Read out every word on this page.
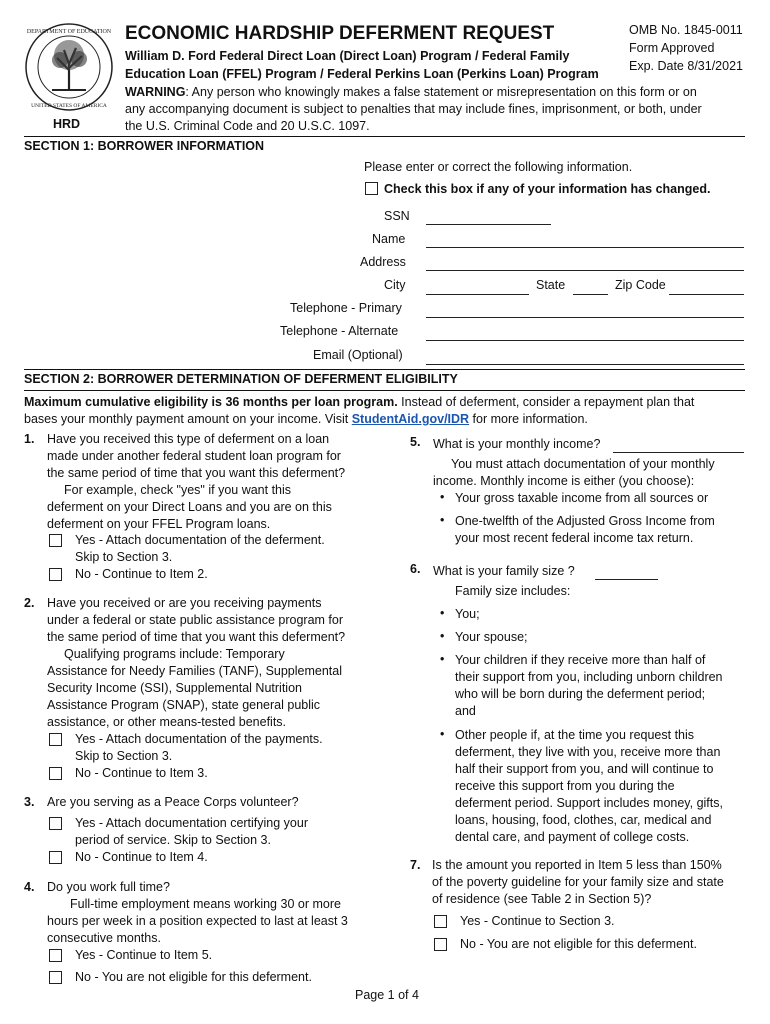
DEPARTMENT OF EDUCATION
UNITED STATES OF AMERICA
HRD
ECONOMIC HARDSHIP DEFERMENT REQUEST
William D. Ford Federal Direct Loan (Direct Loan) Program / Federal Family
Education Loan (FFEL) Program / Federal Perkins Loan (Perkins Loan) Program
OMB No. 1845-0011
Form Approved
Exp. Date 8/31/2021
WARNING: Any person who knowingly makes a false statement or misrepresentation on this form or on
any accompanying document is subject to penalties that may include fines, imprisonment, or both, under
the U.S. Criminal Code and 20 U.S.C. 1097.
SECTION 1: BORROWER INFORMATION
Please enter or correct the following information.
Check this box if any of your information has changed.
SSN
Name
Address
City	State	Zip Code
Telephone - Primary
Telephone - Alternate
Email (Optional)
SECTION 2: BORROWER DETERMINATION OF DEFERMENT ELIGIBILITY
Maximum cumulative eligibility is 36 months per loan program. Instead of deferment, consider a repayment plan that
bases your monthly payment amount on your income. Visit StudentAid.gov/IDR for more information.
1. Have you received this type of deferment on a loan
made under another federal student loan program for
the same period of time that you want this deferment?
For example, check "yes" if you want this
deferment on your Direct Loans and you are on this
deferment on your FFEL Program loans.
Yes - Attach documentation of the deferment.
Skip to Section 3.
No - Continue to Item 2.
2. Have you received or are you receiving payments
under a federal or state public assistance program for
the same period of time that you want this deferment?
Qualifying programs include: Temporary
Assistance for Needy Families (TANF), Supplemental
Security Income (SSI), Supplemental Nutrition
Assistance Program (SNAP), state general public
assistance, or other means-tested benefits.
Yes - Attach documentation of the payments.
Skip to Section 3.
No - Continue to Item 3.
3. Are you serving as a Peace Corps volunteer?
Yes - Attach documentation certifying your
period of service. Skip to Section 3.
No - Continue to Item 4.
4. Do you work full time?
Full-time employment means working 30 or more
hours per week in a position expected to last at least 3
consecutive months.
Yes - Continue to Item 5.
No - You are not eligible for this deferment.
5. What is your monthly income?
You must attach documentation of your monthly
income. Monthly income is either (you choose):
• Your gross taxable income from all sources or
• One-twelfth of the Adjusted Gross Income from
your most recent federal income tax return.
6. What is your family size ?
Family size includes:
• You;
• Your spouse;
• Your children if they receive more than half of
their support from you, including unborn children
who will be born during the deferment period;
and
• Other people if, at the time you request this
deferment, they live with you, receive more than
half their support from you, and will continue to
receive this support from you during the
deferment period. Support includes money, gifts,
loans, housing, food, clothes, car, medical and
dental care, and payment of college costs.
7. Is the amount you reported in Item 5 less than 150%
of the poverty guideline for your family size and state
of residence (see Table 2 in Section 5)?
Yes - Continue to Section 3.
No - You are not eligible for this deferment.
Page 1 of 4
